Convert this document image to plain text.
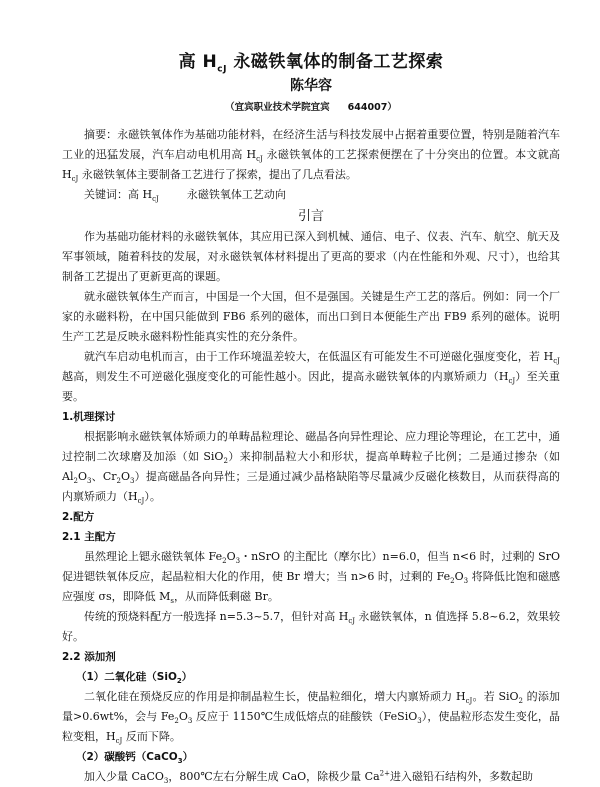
高 $H_{cJ}$ 永磁铁氧体的制备工艺探索
陈华容
（宜宾职业技术学院宜宾 644007）

摘要：永磁铁氧体作为基础功能材料，在经济生活与科技发展中占据着重要位置，特别是随着汽车工业的迅猛发展，汽车启动电机用高 $H_{cJ}$ 永磁铁氧体的工艺探索便摆在了十分突出的位置。本文就高 $H_{cJ}$ 永磁铁氧体主要制备工艺进行了探索，提出了几点看法。

关键词：高 $H_{cJ}$	永磁铁氧体工艺动向

引言

作为基础功能材料的永磁铁氧体，其应用已深入到机械、通信、电子、仪表、汽车、航空、航天及军事领域，随着科技的发展，对永磁铁氧体材料提出了更高的要求（内在性能和外观、尺寸），也给其制备工艺提出了更新更高的课题。

就永磁铁氧体生产而言，中国是一个大国，但不是强国。关键是生产工艺的落后。例如：同一个厂家的永磁料粉，在中国只能做到 FB6 系列的磁体，而出口到日本便能生产出 FB9 系列的磁体。说明生产工艺是反映永磁料粉性能真实性的充分条件。

就汽车启动电机而言，由于工作环境温差较大，在低温区有可能发生不可逆磁化强度变化，若 $H_{cJ}$ 越高，则发生不可逆磁化强度变化的可能性越小。因此，提高永磁铁氧体的内禀矫顽力$(H_{cJ})$至关重要。

1.机理探讨

根据影响永磁铁氧体矫顽力的单畴晶粒理论、磁晶各向异性理论、应力理论等理论，在工艺中，通过控制二次球磨及加添（如 SiO$_2$）来抑制晶粒大小和形状，提高单畴粒子比例；二是通过掺杂（如 $Al_2O_3$、$Cr_2O_3$）提高磁晶各向异性；三是通过减少晶格缺陷等尽量减少反磁化核数目，从而获得高的内禀矫顽力$(H_{cJ})$。

2.配方
2.1 主配方

虽然理论上锶永磁铁氧体 $Fe_2O_3$・nSrO 的主配比（摩尔比）n=6.0，但当 n<6 时，过剩的 SrO 促进锶铁氧体反应，起晶粒相大化的作用，使 Br 增大；当 n>6 时，过剩的 $Fe_2O_3$ 将降低比饱和磁感应强度 σs，即降低 $M_s$，从而降低剩磁 Br。

传统的预烧料配方一般选择 n=5.3~5.7，但针对高 $H_{cJ}$ 永磁铁氧体，n 值选择 5.8~6.2，效果较好。

2.2 添加剂
（1）二氧化硅（SiO$_2$）

二氧化硅在预烧反应的作用是抑制晶粒生长，使晶粒细化，增大内禀矫顽力 $H_{cJ}$。若 SiO$_2$ 的添加量>0.6wt%，会与 $Fe_2O_3$ 反应于 1150℃生成低熔点的硅酸铁（FeSiO$_3$），使晶粒形态发生变化，晶粒变粗，$H_{cJ}$ 反而下降。

（2）碳酸钙（CaCO$_3$）

加入少量 CaCO$_3$，800℃左右分解生成 CaO，除极少量 $Ca^{2+}$进入磁铅石结构外，多数起助
